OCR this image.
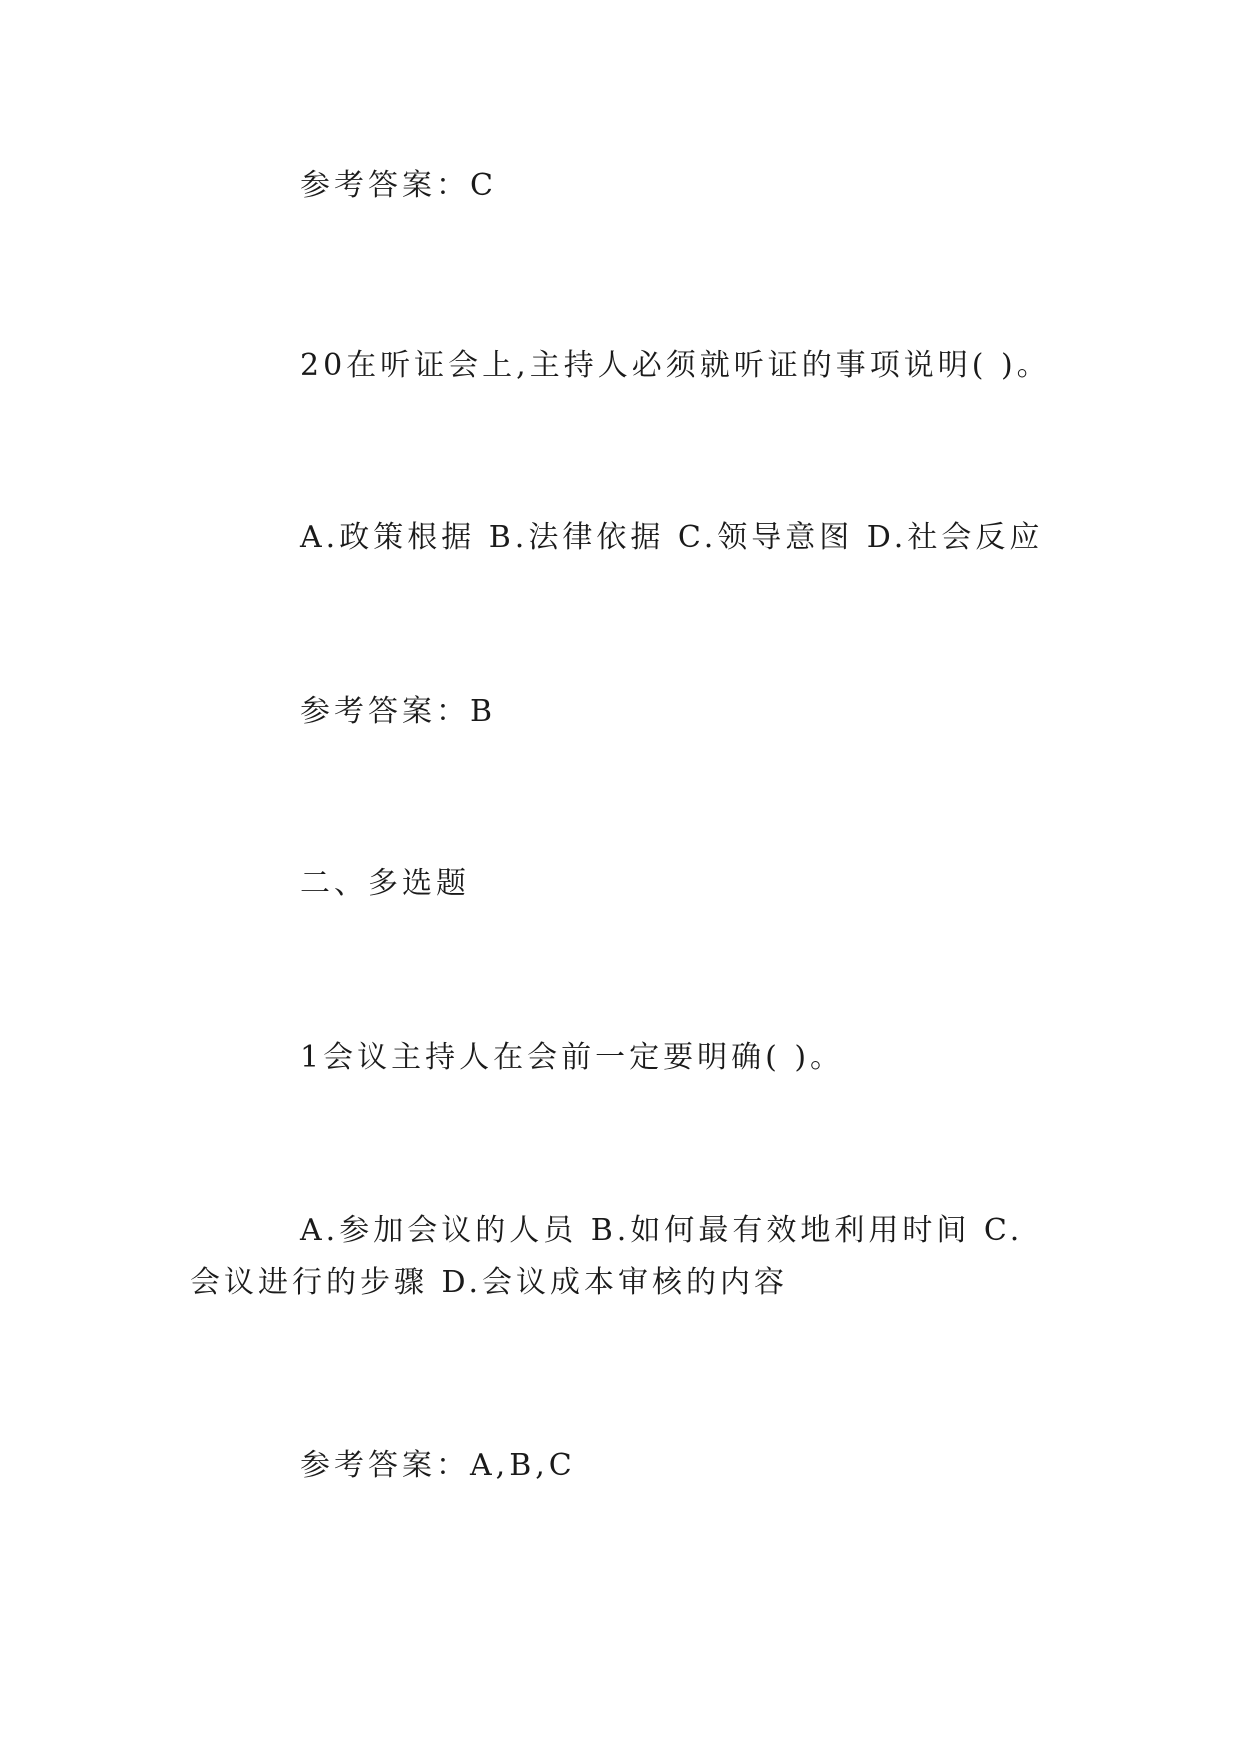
参考答案：C

20在听证会上,主持人必须就听证的事项说明( )。

A.政策根据 B.法律依据 C.领导意图 D.社会反应

参考答案：B

二、多选题

1会议主持人在会前一定要明确( )。

A.参加会议的人员 B.如何最有效地利用时间 C.会议进行的步骤 D.会议成本审核的内容

参考答案：A,B,C
